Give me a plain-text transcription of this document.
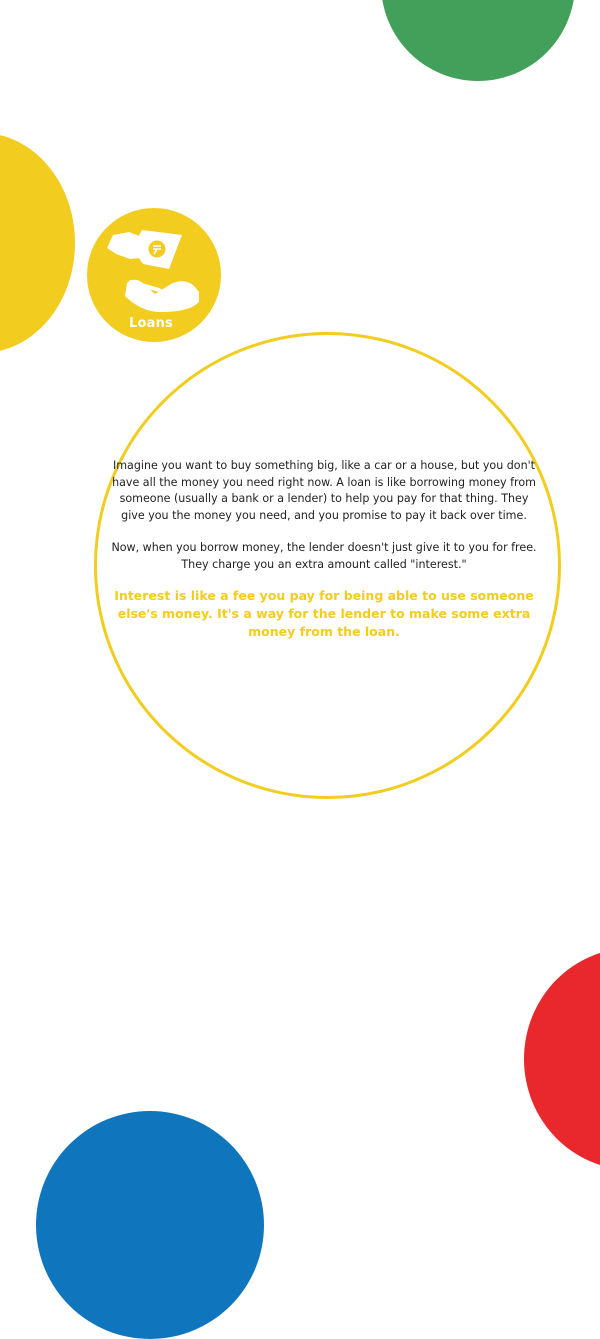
Loans

Imagine you want to buy something big, like a car or a house, but you don't have all the money you need right now. A loan is like borrowing money from someone (usually a bank or a lender) to help you pay for that thing. They give you the money you need, and you promise to pay it back over time.

Now, when you borrow money, the lender doesn't just give it to you for free. They charge you an extra amount called "interest."

Interest is like a fee you pay for being able to use someone else's money. It's a way for the lender to make some extra money from the loan.
